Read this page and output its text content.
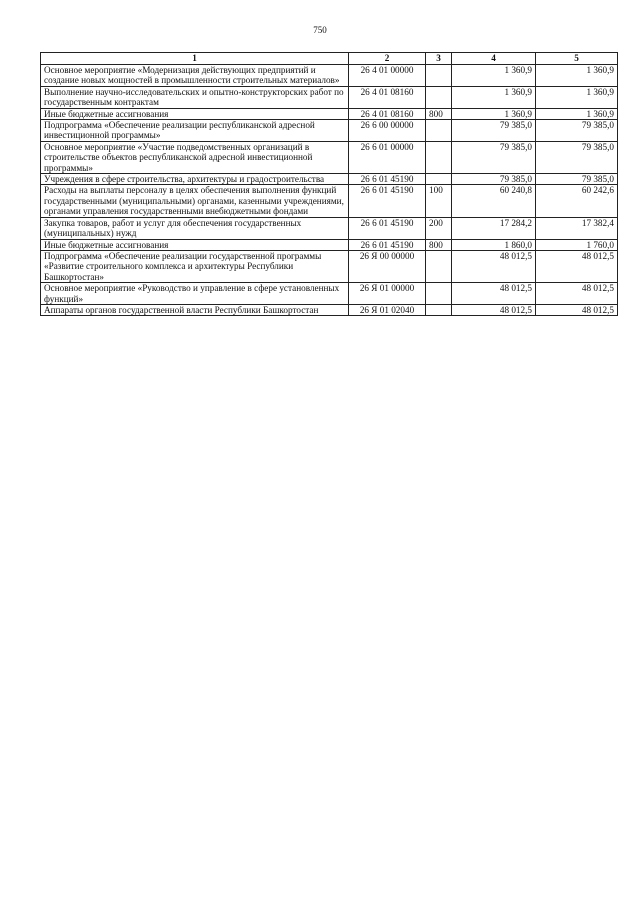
750
1	2	3	4	5
Основное мероприятие «Модернизация действующих предприятий и создание новых мощностей в промышленности строительных материалов»	26 4 01 00000		1 360,9	1 360,9
Выполнение научно-исследовательских и опытно-конструкторских работ по государственным контрактам	26 4 01 08160		1 360,9	1 360,9
Иные бюджетные ассигнования	26 4 01 08160	800	1 360,9	1 360,9
Подпрограмма «Обеспечение реализации республиканской адресной инвестиционной программы»	26 6 00 00000		79 385,0	79 385,0
Основное мероприятие «Участие подведомственных организаций в строительстве объектов республиканской адресной инвестиционной программы»	26 6 01 00000		79 385,0	79 385,0
Учреждения в сфере строительства, архитектуры и градостроительства	26 6 01 45190		79 385,0	79 385,0
Расходы на выплаты персоналу в целях обеспечения выполнения функций государственными (муниципальными) органами, казенными учреждениями, органами управления государственными внебюджетными фондами	26 6 01 45190	100	60 240,8	60 242,6
Закупка товаров, работ и услуг для обеспечения государственных (муниципальных) нужд	26 6 01 45190	200	17 284,2	17 382,4
Иные бюджетные ассигнования	26 6 01 45190	800	1 860,0	1 760,0
Подпрограмма «Обеспечение реализации государственной программы «Развитие строительного комплекса и архитектуры Республики Башкортостан»	26 Я 00 00000		48 012,5	48 012,5
Основное мероприятие «Руководство и управление в сфере установленных функций»	26 Я 01 00000		48 012,5	48 012,5
Аппараты органов государственной власти Республики Башкортостан	26 Я 01 02040		48 012,5	48 012,5
